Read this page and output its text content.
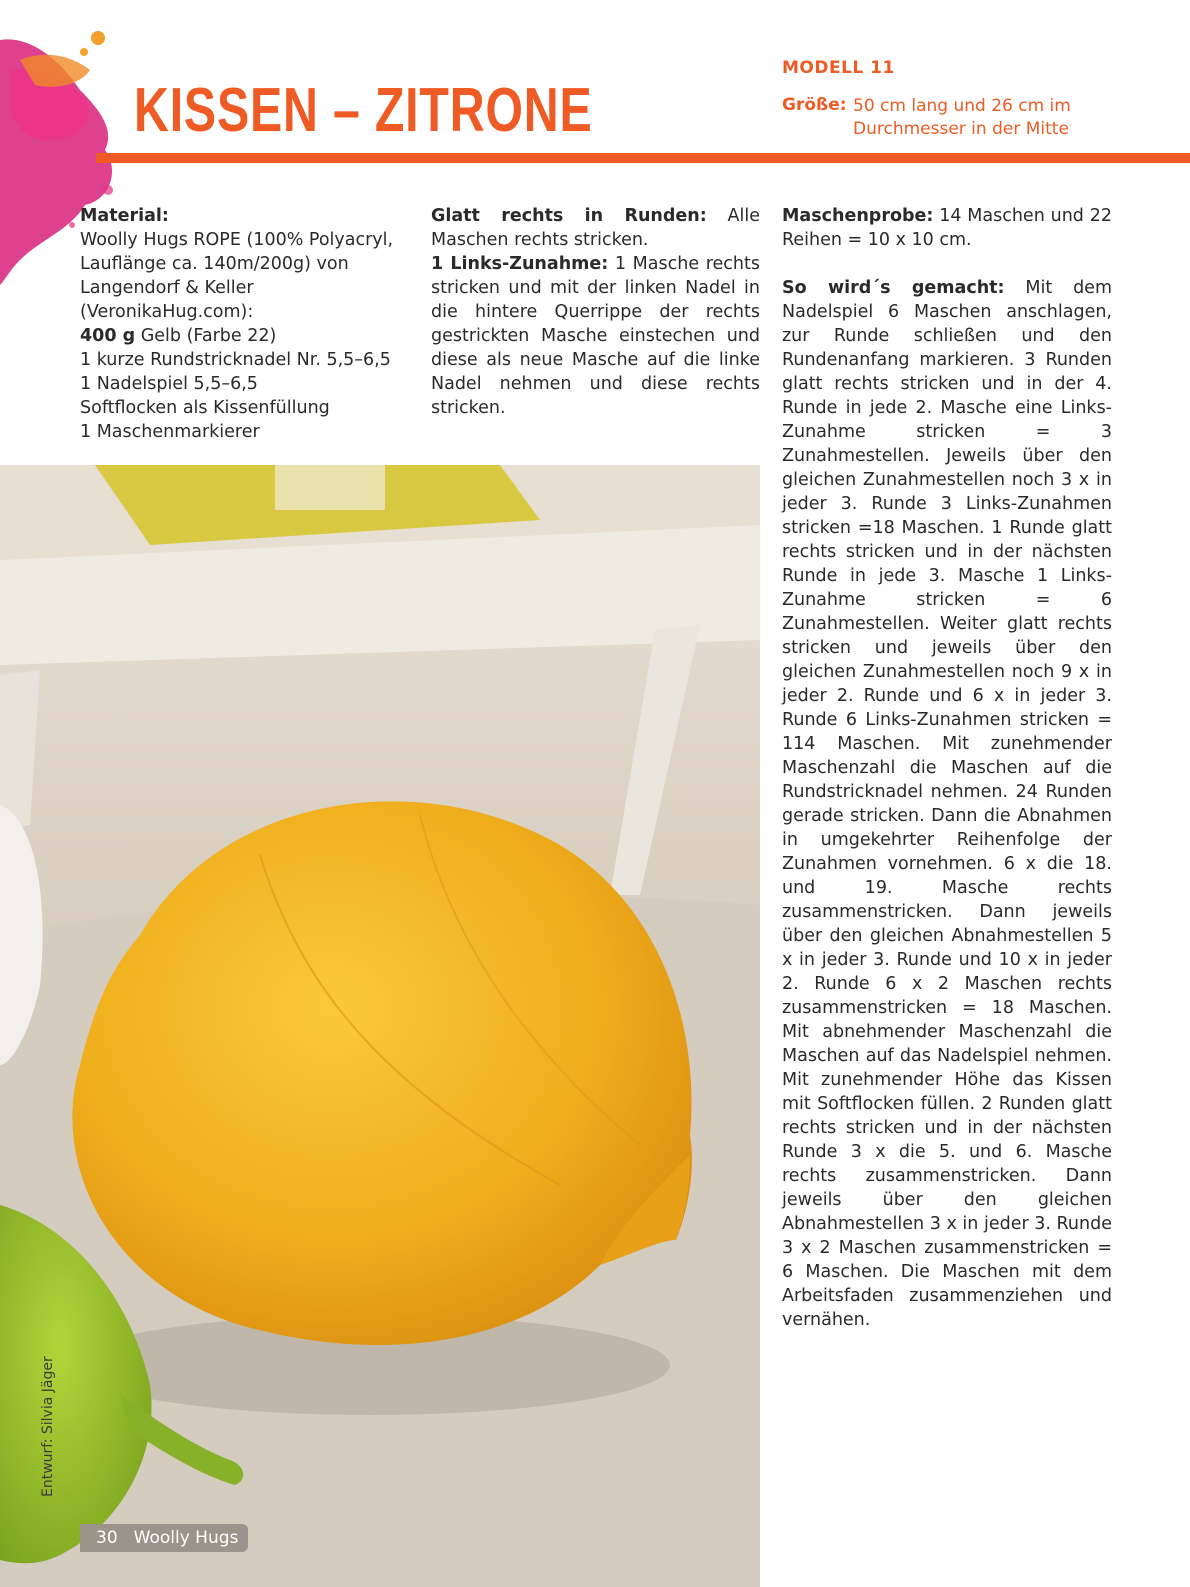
KISSEN – ZITRONE
MODELL 11
Größe: 50 cm lang und 26 cm im
Durchmesser in der Mitte

Material:

Woolly Hugs ROPE (100% Polyacryl, Lauflänge ca. 140m/200g) von Langendorf & Keller (VeronikaHug.com):

400 g Gelb (Farbe 22)

1 kurze Rundstricknadel Nr. 5,5–6,5

1 Nadelspiel 5,5–6,5

Softflocken als Kissenfüllung

1 Maschenmarkierer

Glatt rechts in Runden: Alle Maschen rechts stricken.

1 Links-Zunahme: 1 Masche rechts stricken und mit der linken Nadel in die hintere Querrippe der rechts gestrickten Masche einstechen und diese als neue Masche auf die linke Nadel nehmen und diese rechts stricken.

Maschenprobe: 14 Maschen und 22 Reihen = 10 x 10 cm.

So wird´s gemacht: Mit dem Nadelspiel 6 Maschen anschlagen, zur Runde schließen und den Rundenanfang markieren. 3 Runden glatt rechts stricken und in der 4. Runde in jede 2. Masche eine Links-Zunahme stricken = 3 Zunahmestellen. Jeweils über den gleichen Zunahmestellen noch 3 x in jeder 3. Runde 3 Links-Zunahmen stricken =18 Maschen. 1 Runde glatt rechts stricken und in der nächsten Runde in jede 3. Masche 1 Links-Zunahme stricken = 6 Zunahmestellen. Weiter glatt rechts stricken und jeweils über den gleichen Zunahmestellen noch 9 x in jeder 2. Runde und 6 x in jeder 3. Runde 6 Links-Zunahmen stricken = 114 Maschen. Mit zunehmender Maschenzahl die Maschen auf die Rundstricknadel nehmen. 24 Runden gerade stricken. Dann die Abnahmen in umgekehrter Reihenfolge der Zunahmen vornehmen. 6 x die 18. und 19. Masche rechts zusammenstricken. Dann jeweils über den gleichen Abnahmestellen 5 x in jeder 3. Runde und 10 x in jeder 2. Runde 6 x 2 Maschen rechts zusammenstricken = 18 Maschen. Mit abnehmender Maschenzahl die Maschen auf das Nadelspiel nehmen. Mit zunehmender Höhe das Kissen mit Softflocken füllen. 2 Runden glatt rechts stricken und in der nächsten Runde 3 x die 5. und 6. Masche rechts zusammenstricken. Dann jeweils über den gleichen Abnahmestellen 3 x in jeder 3. Runde 3 x 2 Maschen zusammenstricken = 6 Maschen. Die Maschen mit dem Arbeitsfaden zusammenziehen und vernähen.

Entwurf: Silvia Jäger
30 Woolly Hugs
